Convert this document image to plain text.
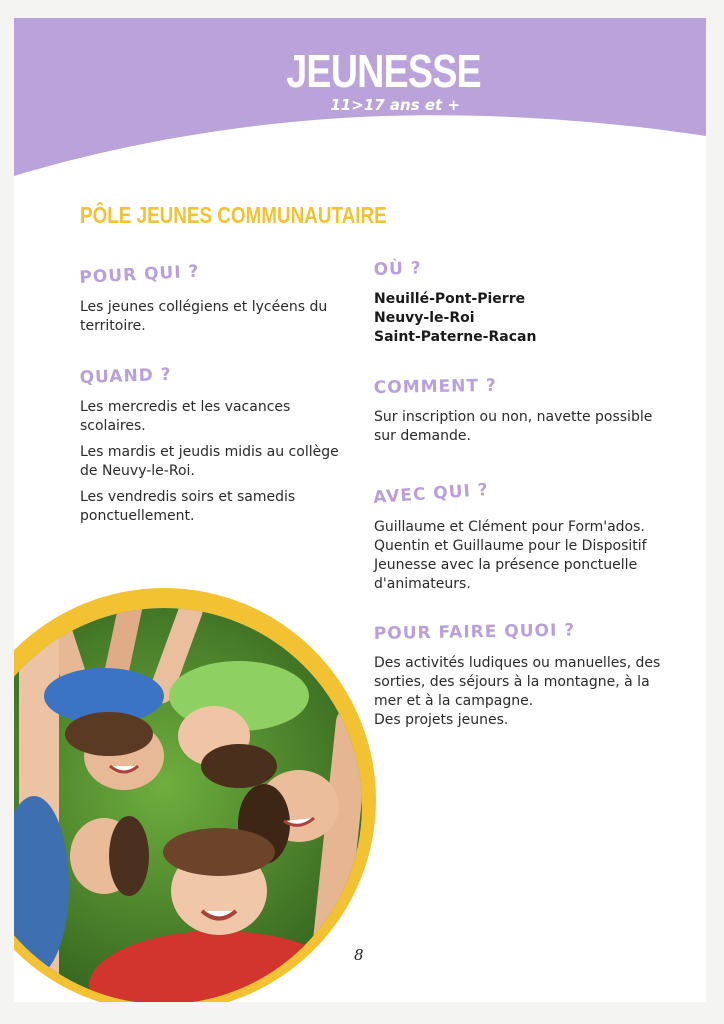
JEUNESSE
11>17 ans et +
PÔLE JEUNES COMMUNAUTAIRE
POUR QUI ?

Les jeunes collégiens et lycéens du territoire.

QUAND ?

Les mercredis et les vacances scolaires.

Les mardis et jeudis midis au collège de Neuvy-le-Roi.

Les vendredis soirs et samedis ponctuellement.

OÙ ?

Neuillé-Pont-Pierre

Neuvy-le-Roi

Saint-Paterne-Racan

COMMENT ?

Sur inscription ou non, navette possible sur demande.

AVEC QUI ?

Guillaume et Clément pour Form'ados. Quentin et Guillaume pour le Dispositif Jeunesse avec la présence ponctuelle d'animateurs.

POUR FAIRE QUOI ?

Des activités ludiques ou manuelles, des sorties, des séjours à la montagne, à la mer et à la campagne.

Des projets jeunes.

8
